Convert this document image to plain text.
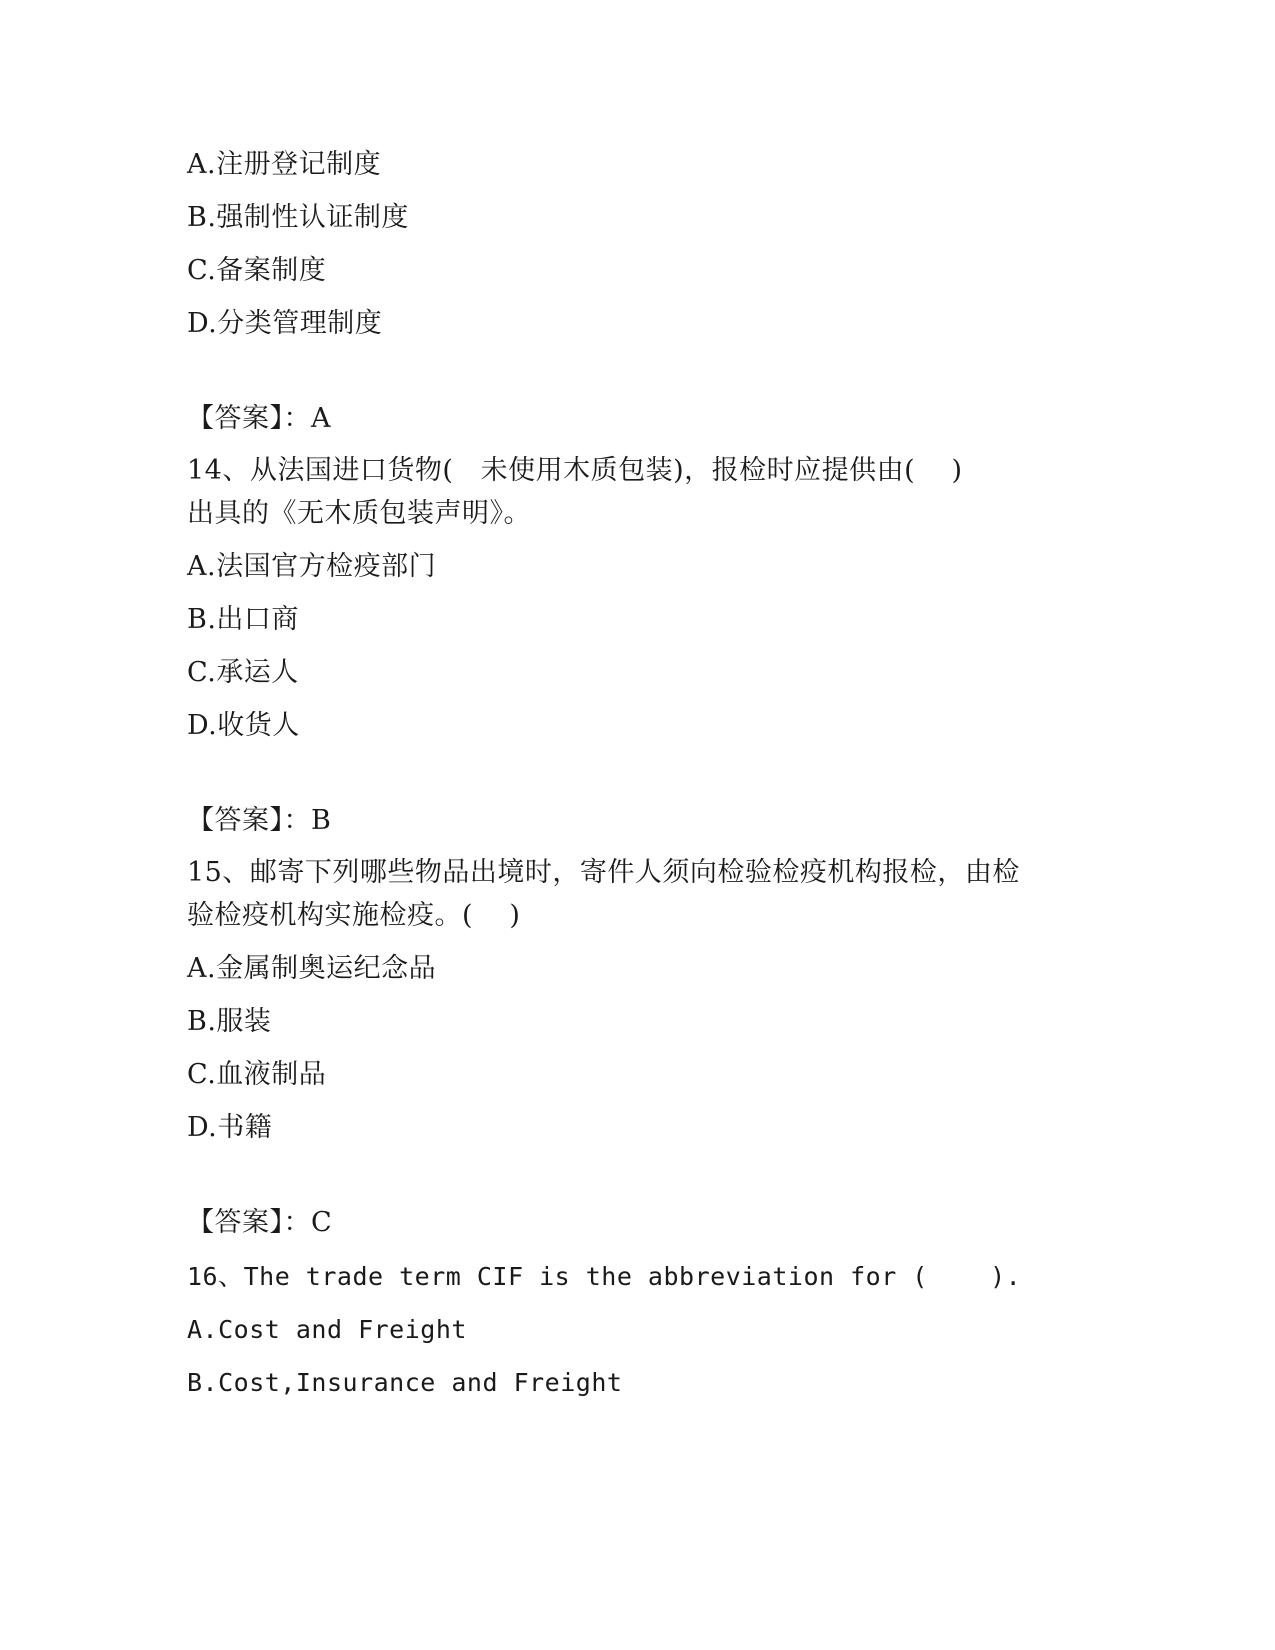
A.注册登记制度
B.强制性认证制度
C.备案制度
D.分类管理制度
【答案】：A
14、从法国进口货物(   未使用木质包装)，报检时应提供由(    )
出具的《无木质包装声明》。
A.法国官方检疫部门
B.出口商
C.承运人
D.收货人
【答案】：B
15、邮寄下列哪些物品出境时，寄件人须向检验检疫机构报检，由检
验检疫机构实施检疫。(    )
A.金属制奥运纪念品
B.服装
C.血液制品
D.书籍
【答案】：C
16、The trade term CIF is the abbreviation for (    ).
A.Cost and Freight
B.Cost,Insurance and Freight
